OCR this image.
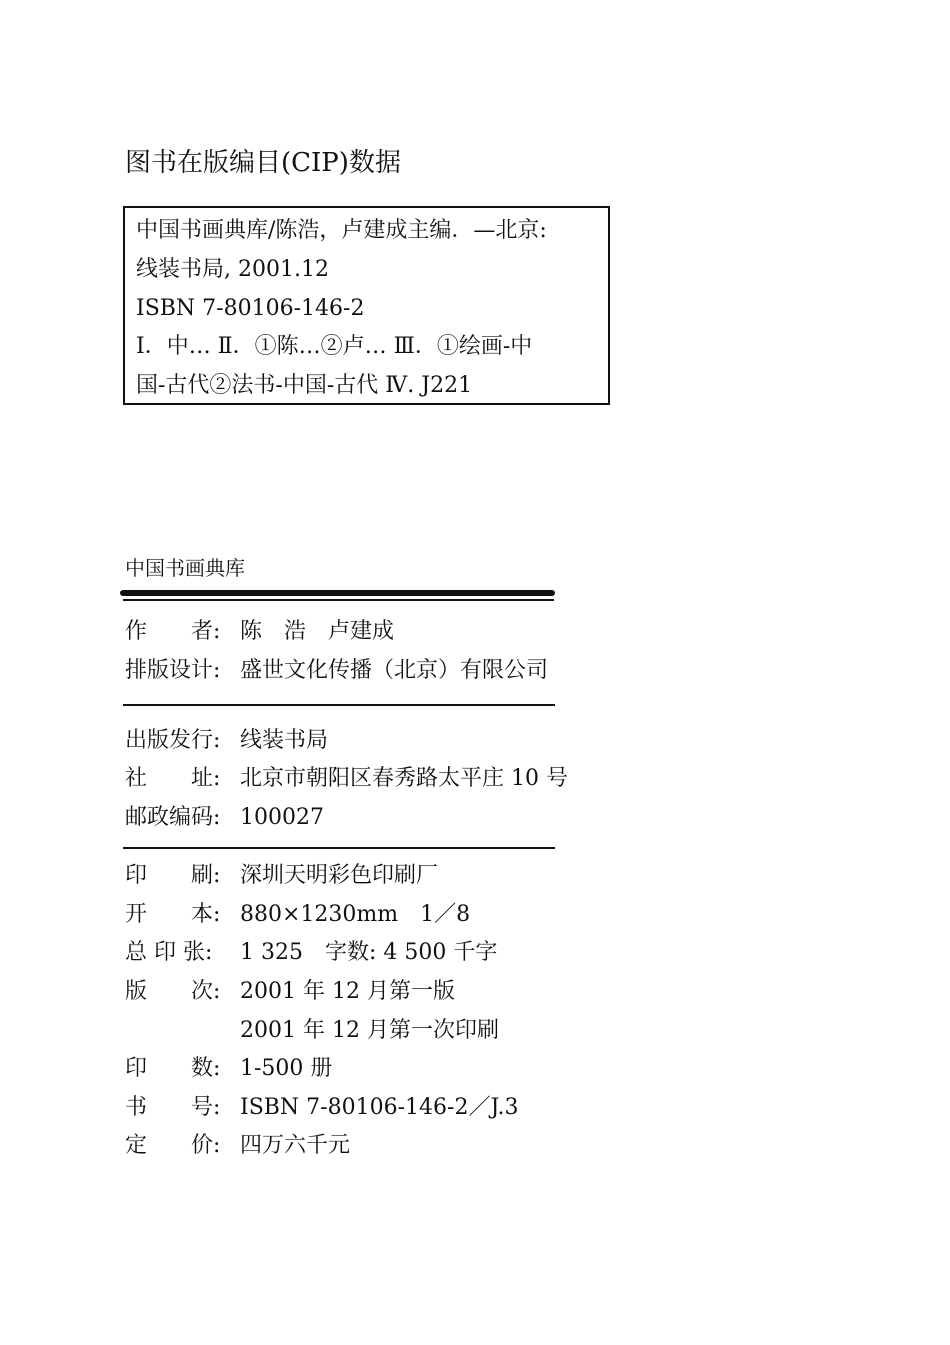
图书在版编目(CIP)数据
中国书画典库/陈浩，卢建成主编．—北京:
线装书局, 2001.12
ISBN 7-80106-146-2
Ⅰ．中… Ⅱ．①陈…②卢… Ⅲ．①绘画-中
国-古代②法书-中国-古代 Ⅳ. J221
中国书画典库
作　　者: 陈　浩　卢建成
排版设计: 盛世文化传播（北京）有限公司
出版发行: 线装书局
社　　址: 北京市朝阳区春秀路太平庄 10 号
邮政编码: 100027
印　　刷: 深圳天明彩色印刷厂
开　　本: 880×1230mm　1／8
总 印 张: 1 325　字数: 4 500 千字
版　　次: 2001 年 12 月第一版
2001 年 12 月第一次印刷
印　　数: 1-500 册
书　　号: ISBN 7-80106-146-2／J.3
定　　价: 四万六千元
